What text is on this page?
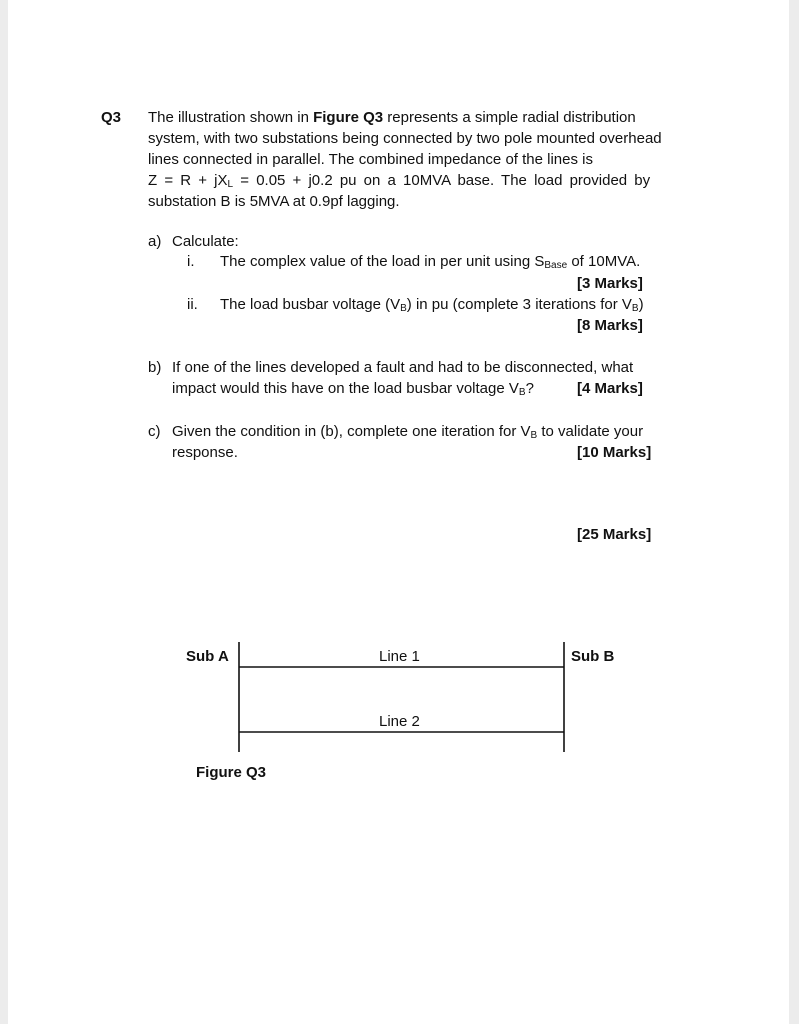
Q3 The illustration shown in Figure Q3 represents a simple radial distribution
system, with two substations being connected by two pole mounted overhead
lines connected in parallel. The combined impedance of the lines is
$Z = R + jX_L = 0.05 + j0.2$ pu on a 10MVA base. The load provided by
substation B is 5MVA at 0.9pf lagging.
a) Calculate:
i. The complex value of the load in per unit using $S_{Base}$ of 10MVA.
[3 Marks]
ii. The load busbar voltage $(V_B)$ in pu (complete 3 iterations for $V_B$)
[8 Marks]
b) If one of the lines developed a fault and had to be disconnected, what
impact would this have on the load busbar voltage $V_B$?	[4 Marks]
c) Given the condition in (b), complete one iteration for $V_B$ to validate your
response.	[10 Marks]
[25 Marks]
Sub A	Sub B
Line 1
Line 2
Figure Q3
